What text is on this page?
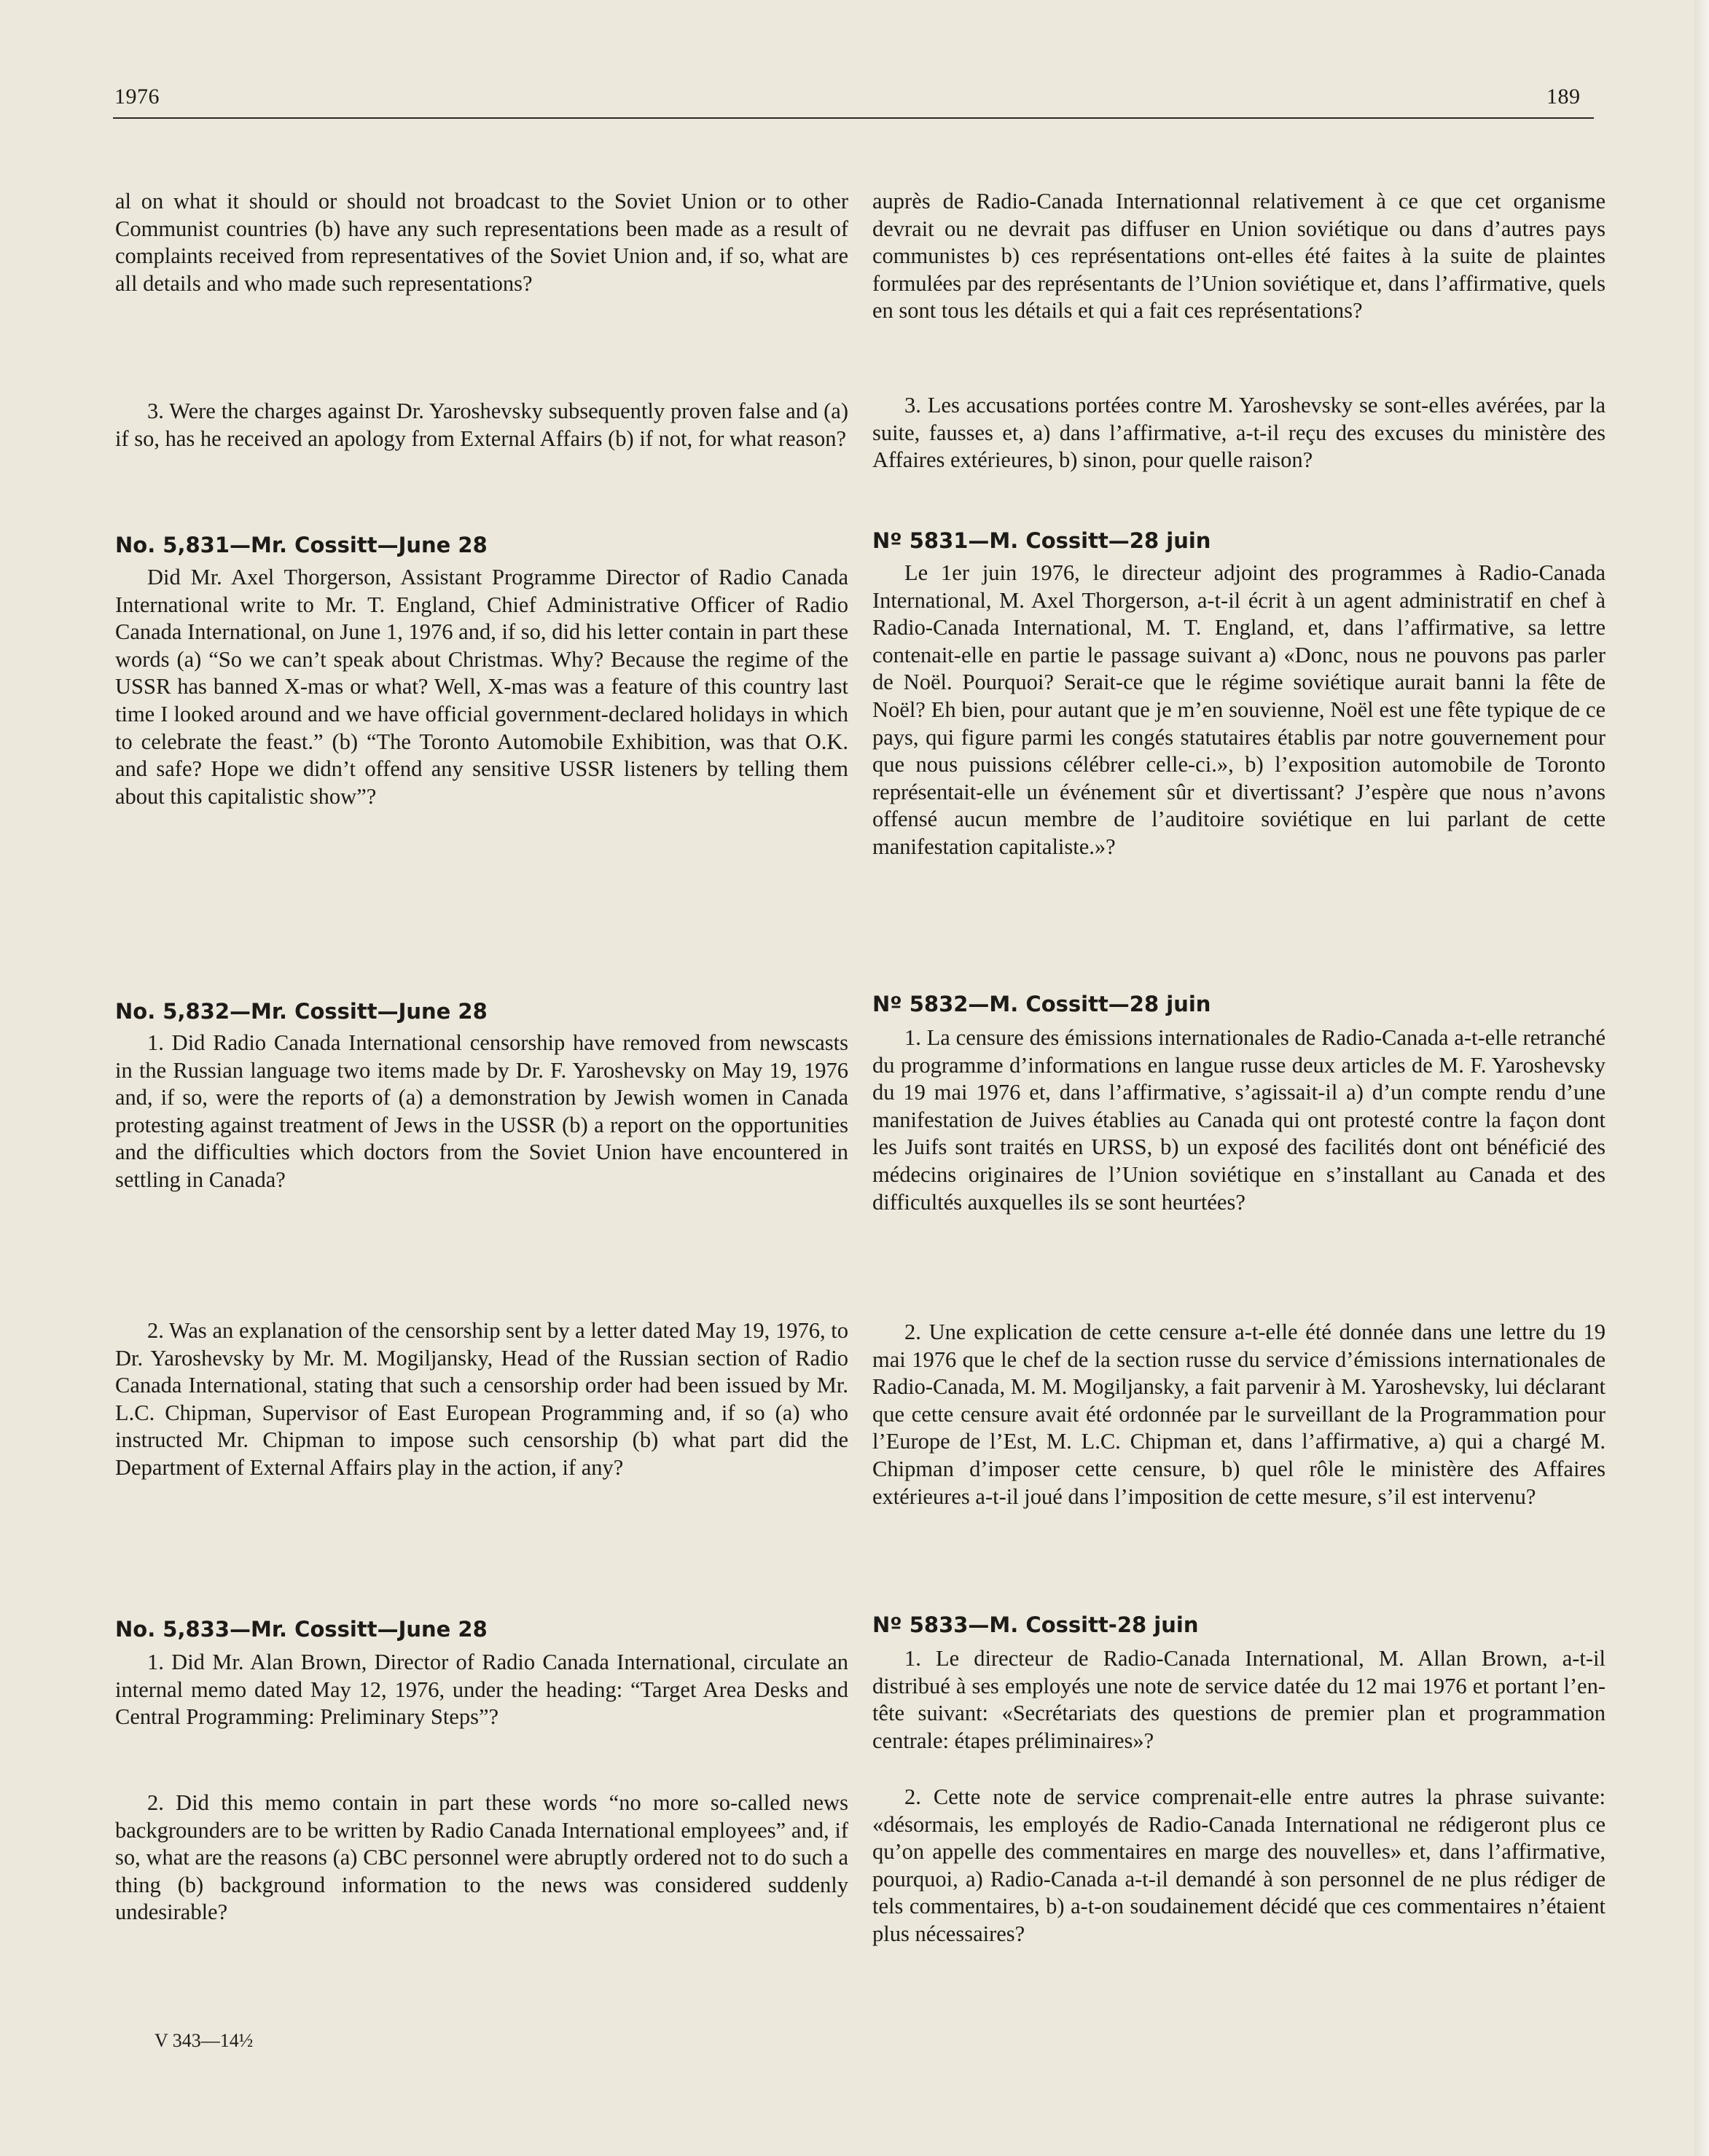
1976	189

al on what it should or should not broadcast to the Soviet Union or to other Communist countries (b) have any such representations been made as a result of complaints received from representatives of the Soviet Union and, if so, what are all details and who made such representations?

3. Were the charges against Dr. Yaroshevsky subsequently proven false and (a) if so, has he received an apology from External Affairs (b) if not, for what reason?

No. 5,831—Mr. Cossitt—June 28

Did Mr. Axel Thorgerson, Assistant Programme Director of Radio Canada International write to Mr. T. England, Chief Administrative Officer of Radio Canada International, on June 1, 1976 and, if so, did his letter contain in part these words (a) “So we can’t speak about Christmas. Why? Because the regime of the USSR has banned X-mas or what? Well, X-mas was a feature of this country last time I looked around and we have official government-declared holidays in which to celebrate the feast.” (b) “The Toronto Automobile Exhibition, was that O.K. and safe? Hope we didn’t offend any sensitive USSR listeners by telling them about this capitalistic show”?

No. 5,832—Mr. Cossitt—June 28

1. Did Radio Canada International censorship have removed from newscasts in the Russian language two items made by Dr. F. Yaroshevsky on May 19, 1976 and, if so, were the reports of (a) a demonstration by Jewish women in Canada protesting against treatment of Jews in the USSR (b) a report on the opportunities and the difficulties which doctors from the Soviet Union have encountered in settling in Canada?

2. Was an explanation of the censorship sent by a letter dated May 19, 1976, to Dr. Yaroshevsky by Mr. M. Mogiljansky, Head of the Russian section of Radio Canada International, stating that such a censorship order had been issued by Mr. L.C. Chipman, Supervisor of East European Programming and, if so (a) who instructed Mr. Chipman to impose such censorship (b) what part did the Department of External Affairs play in the action, if any?

No. 5,833—Mr. Cossitt—June 28

1. Did Mr. Alan Brown, Director of Radio Canada International, circulate an internal memo dated May 12, 1976, under the heading: “Target Area Desks and Central Programming: Preliminary Steps”?

2. Did this memo contain in part these words “no more so-called news backgrounders are to be written by Radio Canada International employees” and, if so, what are the reasons (a) CBC personnel were abruptly ordered not to do such a thing (b) background information to the news was considered suddenly undesirable?

auprès de Radio-Canada Internationnal relativement à ce que cet organisme devrait ou ne devrait pas diffuser en Union soviétique ou dans d’autres pays communistes b) ces représentations ont-elles été faites à la suite de plaintes formulées par des représentants de l’Union soviétique et, dans l’affirmative, quels en sont tous les détails et qui a fait ces représentations?

3. Les accusations portées contre M. Yaroshevsky se sont-elles avérées, par la suite, fausses et, a) dans l’affirmative, a-t-il reçu des excuses du ministère des Affaires extérieures, b) sinon, pour quelle raison?

Nº 5831—M. Cossitt—28 juin

Le 1er juin 1976, le directeur adjoint des programmes à Radio-Canada International, M. Axel Thorgerson, a-t-il écrit à un agent administratif en chef à Radio-Canada International, M. T. England, et, dans l’affirmative, sa lettre contenait-elle en partie le passage suivant a) «Donc, nous ne pouvons pas parler de Noël. Pourquoi? Serait-ce que le régime soviétique aurait banni la fête de Noël? Eh bien, pour autant que je m’en souvienne, Noël est une fête typique de ce pays, qui figure parmi les congés statutaires établis par notre gouvernement pour que nous puissions célébrer celle-ci.», b) l’exposition automobile de Toronto représentait-elle un événement sûr et divertissant? J’espère que nous n’avons offensé aucun membre de l’auditoire soviétique en lui parlant de cette manifestation capitaliste.»?

Nº 5832—M. Cossitt—28 juin

1. La censure des émissions internationales de Radio-Canada a-t-elle retranché du programme d’informations en langue russe deux articles de M. F. Yaroshevsky du 19 mai 1976 et, dans l’affirmative, s’agissait-il a) d’un compte rendu d’une manifestation de Juives établies au Canada qui ont protesté contre la façon dont les Juifs sont traités en URSS, b) un exposé des facilités dont ont bénéficié des médecins originaires de l’Union soviétique en s’installant au Canada et des difficultés auxquelles ils se sont heurtées?

2. Une explication de cette censure a-t-elle été donnée dans une lettre du 19 mai 1976 que le chef de la section russe du service d’émissions internationales de Radio-Canada, M. M. Mogiljansky, a fait parvenir à M. Yaroshevsky, lui déclarant que cette censure avait été ordonnée par le surveillant de la Programmation pour l’Europe de l’Est, M. L.C. Chipman et, dans l’affirmative, a) qui a chargé M. Chipman d’imposer cette censure, b) quel rôle le ministère des Affaires extérieures a-t-il joué dans l’imposition de cette mesure, s’il est intervenu?

Nº 5833—M. Cossitt-28 juin

1. Le directeur de Radio-Canada International, M. Allan Brown, a-t-il distribué à ses employés une note de service datée du 12 mai 1976 et portant l’en-tête suivant: «Secrétariats des questions de premier plan et programmation centrale: étapes préliminaires»?

2. Cette note de service comprenait-elle entre autres la phrase suivante: «désormais, les employés de Radio-Canada International ne rédigeront plus ce qu’on appelle des commentaires en marge des nouvelles» et, dans l’affirmative, pourquoi, a) Radio-Canada a-t-il demandé à son personnel de ne plus rédiger de tels commentaires, b) a-t-on soudainement décidé que ces commentaires n’étaient plus nécessaires?

V 343—14½
